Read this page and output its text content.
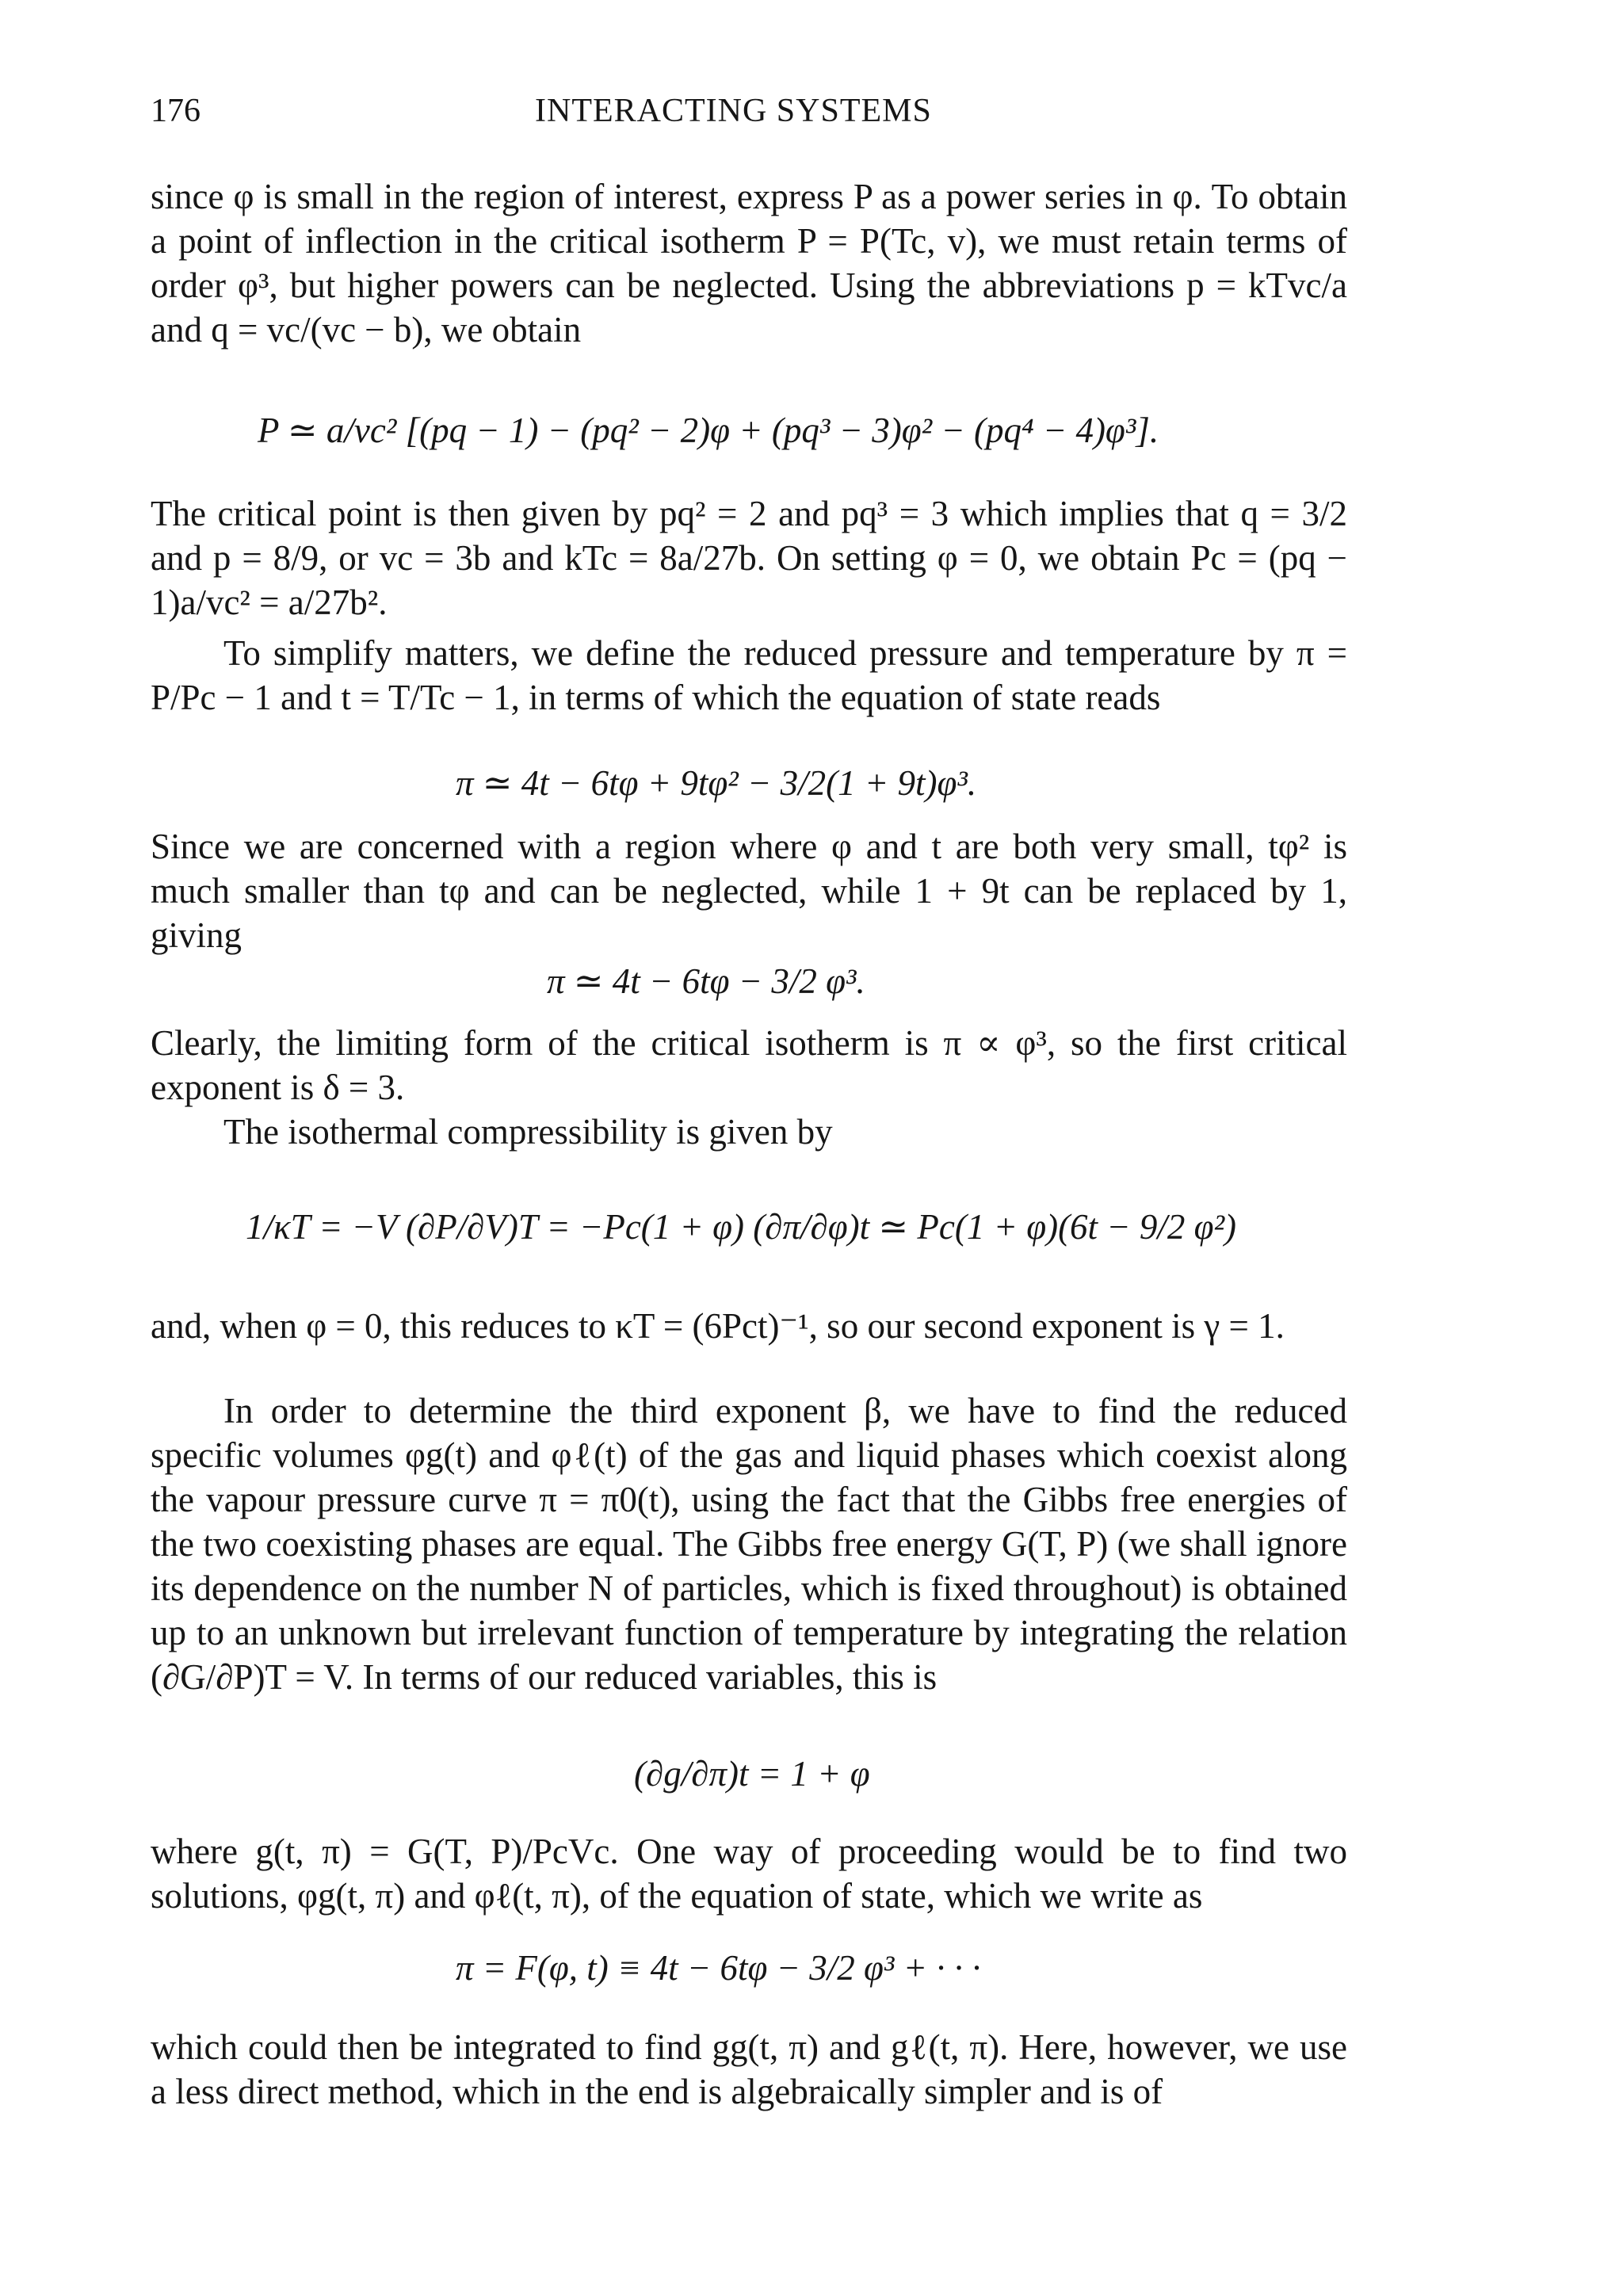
176	INTERACTING SYSTEMS

since φ is small in the region of interest, express P as a power series in φ. To obtain a point of inflection in the critical isotherm P = P(Tc, v), we must retain terms of order φ³, but higher powers can be neglected. Using the abbreviations p = kTvc/a and q = vc/(vc − b), we obtain

P ≃ a/vc² [(pq − 1) − (pq² − 2)φ + (pq³ − 3)φ² − (pq⁴ − 4)φ³].

The critical point is then given by pq² = 2 and pq³ = 3 which implies that q = 3/2 and p = 8/9, or vc = 3b and kTc = 8a/27b. On setting φ = 0, we obtain Pc = (pq − 1)a/vc² = a/27b².

To simplify matters, we define the reduced pressure and temperature by π = P/Pc − 1 and t = T/Tc − 1, in terms of which the equation of state reads

π ≃ 4t − 6tφ + 9tφ² − 3/2(1 + 9t)φ³.

Since we are concerned with a region where φ and t are both very small, tφ² is much smaller than tφ and can be neglected, while 1 + 9t can be replaced by 1, giving

π ≃ 4t − 6tφ − 3/2 φ³.

Clearly, the limiting form of the critical isotherm is π ∝ φ³, so the first critical exponent is δ = 3.

The isothermal compressibility is given by

1/κT = −V (∂P/∂V)T = −Pc(1 + φ) (∂π/∂φ)t ≃ Pc(1 + φ)(6t − 9/2 φ²)

and, when φ = 0, this reduces to κT = (6Pct)⁻¹, so our second exponent is γ = 1.

In order to determine the third exponent β, we have to find the reduced specific volumes φg(t) and φℓ(t) of the gas and liquid phases which coexist along the vapour pressure curve π = π0(t), using the fact that the Gibbs free energies of the two coexisting phases are equal. The Gibbs free energy G(T, P) (we shall ignore its dependence on the number N of particles, which is fixed throughout) is obtained up to an unknown but irrelevant function of temperature by integrating the relation (∂G/∂P)T = V. In terms of our reduced variables, this is

(∂g/∂π)t = 1 + φ

where g(t, π) = G(T, P)/PcVc. One way of proceeding would be to find two solutions, φg(t, π) and φℓ(t, π), of the equation of state, which we write as

π = F(φ, t) ≡ 4t − 6tφ − 3/2 φ³ + · · ·

which could then be integrated to find gg(t, π) and gℓ(t, π). Here, however, we use a less direct method, which in the end is algebraically simpler and is of
